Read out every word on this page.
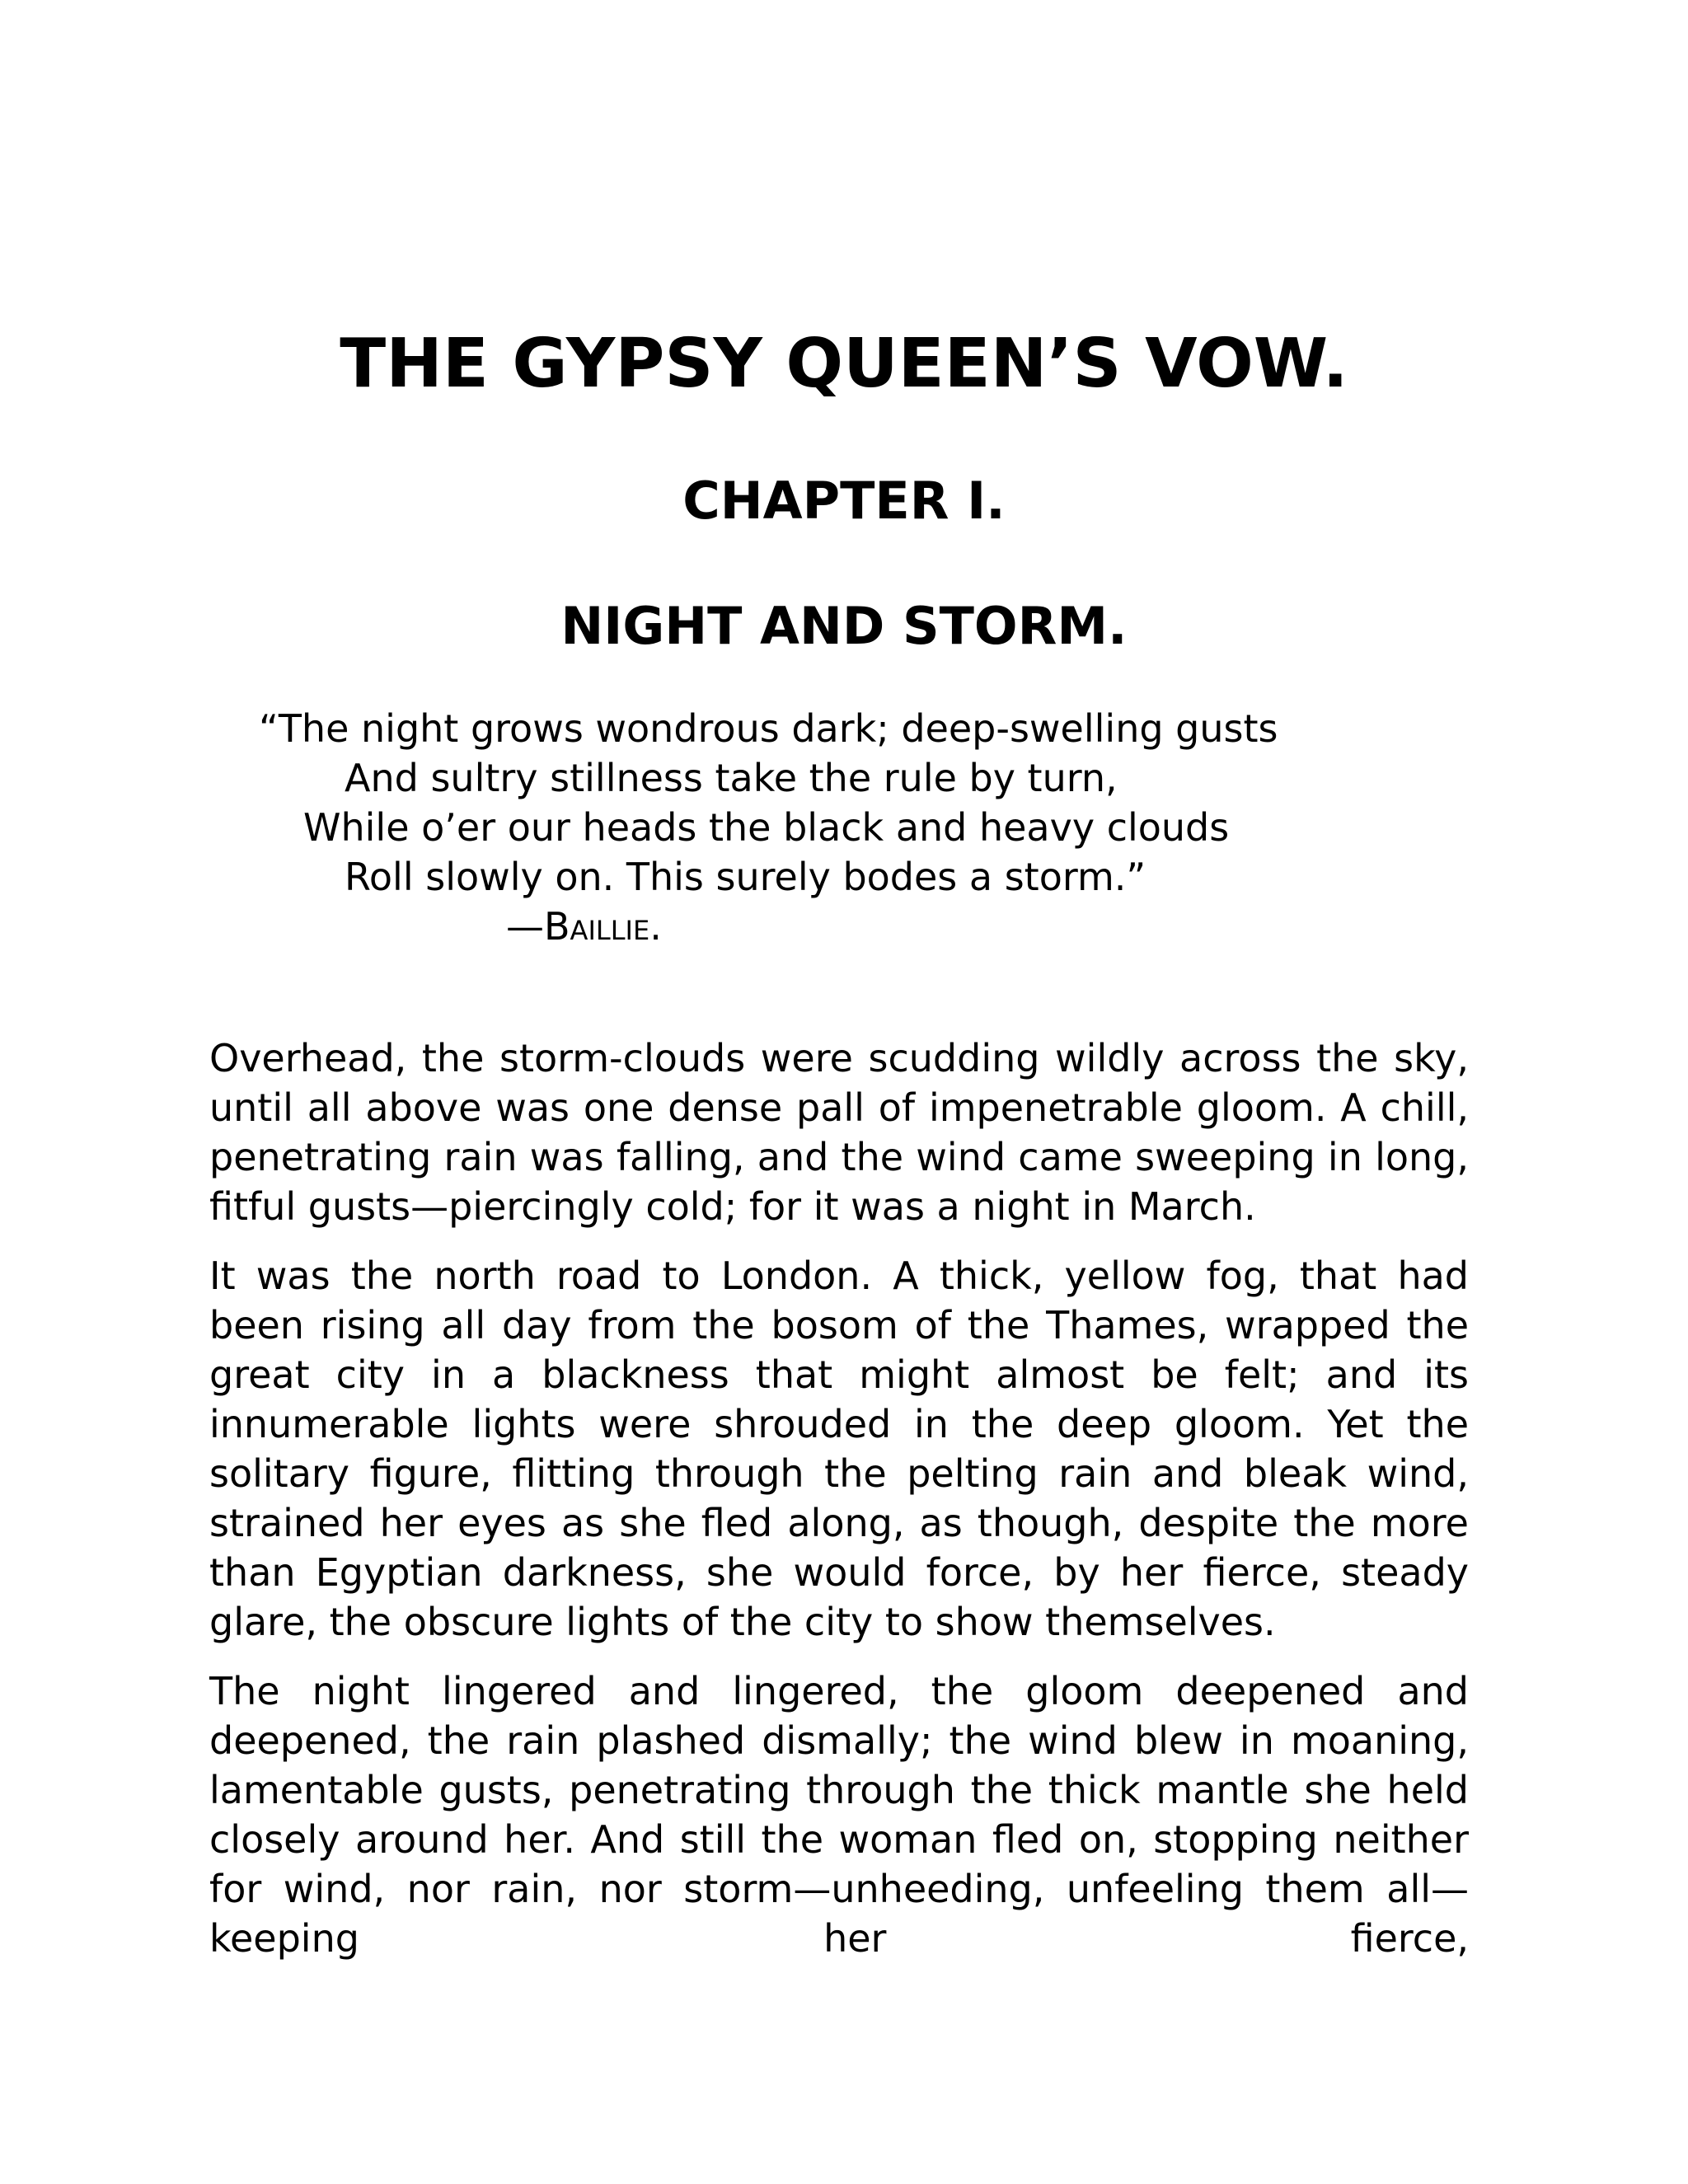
THE GYPSY QUEEN’S VOW.
CHAPTER I.
NIGHT AND STORM.
“The night grows wondrous dark; deep-swelling gusts
And sultry stillness take the rule by turn,
While o’er our heads the black and heavy clouds
Roll slowly on. This surely bodes a storm.”
—Baillie.

Overhead, the storm-clouds were scudding wildly across the sky, until all above was one dense pall of impenetrable gloom. A chill, penetrating rain was falling, and the wind came sweeping in long, fitful gusts—piercingly cold; for it was a night in March.

It was the north road to London. A thick, yellow fog, that had been rising all day from the bosom of the Thames, wrapped the great city in a blackness that might almost be felt; and its innumerable lights were shrouded in the deep gloom. Yet the solitary figure, flitting through the pelting rain and bleak wind, strained her eyes as she fled along, as though, despite the more than Egyptian darkness, she would force, by her fierce, steady glare, the obscure lights of the city to show themselves.

The night lingered and lingered, the gloom deepened and deepened, the rain plashed dismally; the wind blew in moaning, lamentable gusts, penetrating through the thick mantle she held closely around her. And still the woman fled on, stopping neither for wind, nor rain, nor storm—unheeding, unfeeling them all—keeping her fierce,
